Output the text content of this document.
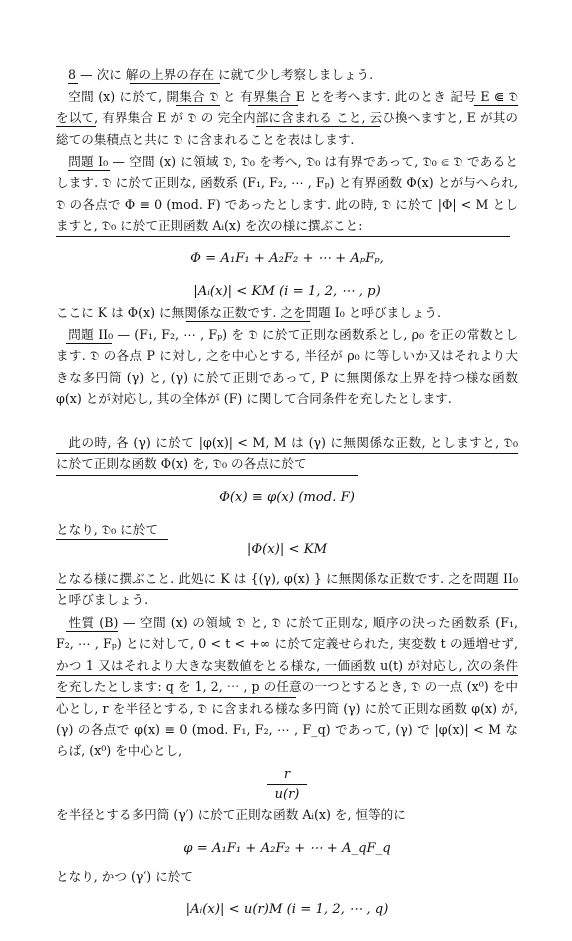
8 — 次に 解の上界の存在 に就て少し考察しましょう.

空間 (x) に於て, 開集合 𝔇 と 有界集合 E とを考へます. 此のとき 記号 E ⋐ 𝔇 を以て, 有界集合 E が 𝔇 の 完全内部に含まれる こと, 云ひ換へますと, E が其の総ての集積点と共に 𝔇 に含まれることを表はします.

問題 I₀ — 空間 (x) に領域 𝔇, 𝔇₀ を考へ, 𝔇₀ は有界であって, 𝔇₀ ⋐ 𝔇 であるとします. 𝔇 に於て正則な, 函数系 (F₁, F₂, ⋯ , Fₚ) と有界函数 Φ(x) とが与へられ, 𝔇 の各点で Φ ≡ 0 (mod. F) であったとします. 此の時, 𝔇 に於て |Φ| < M としますと, 𝔇₀ に於て正則函数 Aᵢ(x) を次の様に撰ぶこと:

Φ = A₁F₁ + A₂F₂ + ⋯ + AₚFₚ,
|Aᵢ(x)| < KM (i = 1, 2, ⋯ , p)

ここに K は Φ(x) に無関係な正数です. 之を問題 I₀ と呼びましょう.

問題 II₀ — (F₁, F₂, ⋯ , Fₚ) を 𝔇 に於て正則な函数系とし, ρ₀ を正の常数とします. 𝔇 の各点 P に対し, 之を中心とする, 半径が ρ₀ に等しいか又はそれより大きな多円筒 (γ) と, (γ) に於て正則であって, P に無関係な上界を持つ様な函数 φ(x) とが対応し, 其の全体が (F) に関して合同条件を充したとします.

此の時, 各 (γ) に於て |φ(x)| < M, M は (γ) に無関係な正数, としますと, 𝔇₀ に於て正則な函数 Φ(x) を, 𝔇₀ の各点に於て

Φ(x) ≡ φ(x) (mod. F)

となり, 𝔇₀ に於て

|Φ(x)| < KM

となる様に撰ぶこと. 此処に K は {(γ), φ(x) } に無関係な正数です. 之を問題 II₀ と呼びましょう.

性質 (B) — 空間 (x) の領域 𝔇 と, 𝔇 に於て正則な, 順序の決った函数系 (F₁, F₂, ⋯ , Fₚ) とに対して, 0 < t < +∞ に於て定義せられた, 実変数 t の逓増せず, かつ 1 又はそれより大きな実数値をとる様な, 一価函数 u(t) が対応し, 次の条件を充したとします: q を 1, 2, ⋯ , p の任意の一つとするとき, 𝔇 の一点 (x⁰) を中心とし, r を半径とする, 𝔇 に含まれる様な多円筒 (γ) に於て正則な函数 φ(x) が, (γ) の各点で φ(x) ≡ 0 (mod. F₁, F₂, ⋯ , F_q) であって, (γ) で |φ(x)| < M ならば, (x⁰) を中心とし,

r
u(r)

を半径とする多円筒 (γ′) に於て正則な函数 Aᵢ(x) を, 恒等的に

φ = A₁F₁ + A₂F₂ + ⋯ + A_qF_q

となり, かつ (γ′) に於て

|Aᵢ(x)| < u(r)M (i = 1, 2, ⋯ , q)
